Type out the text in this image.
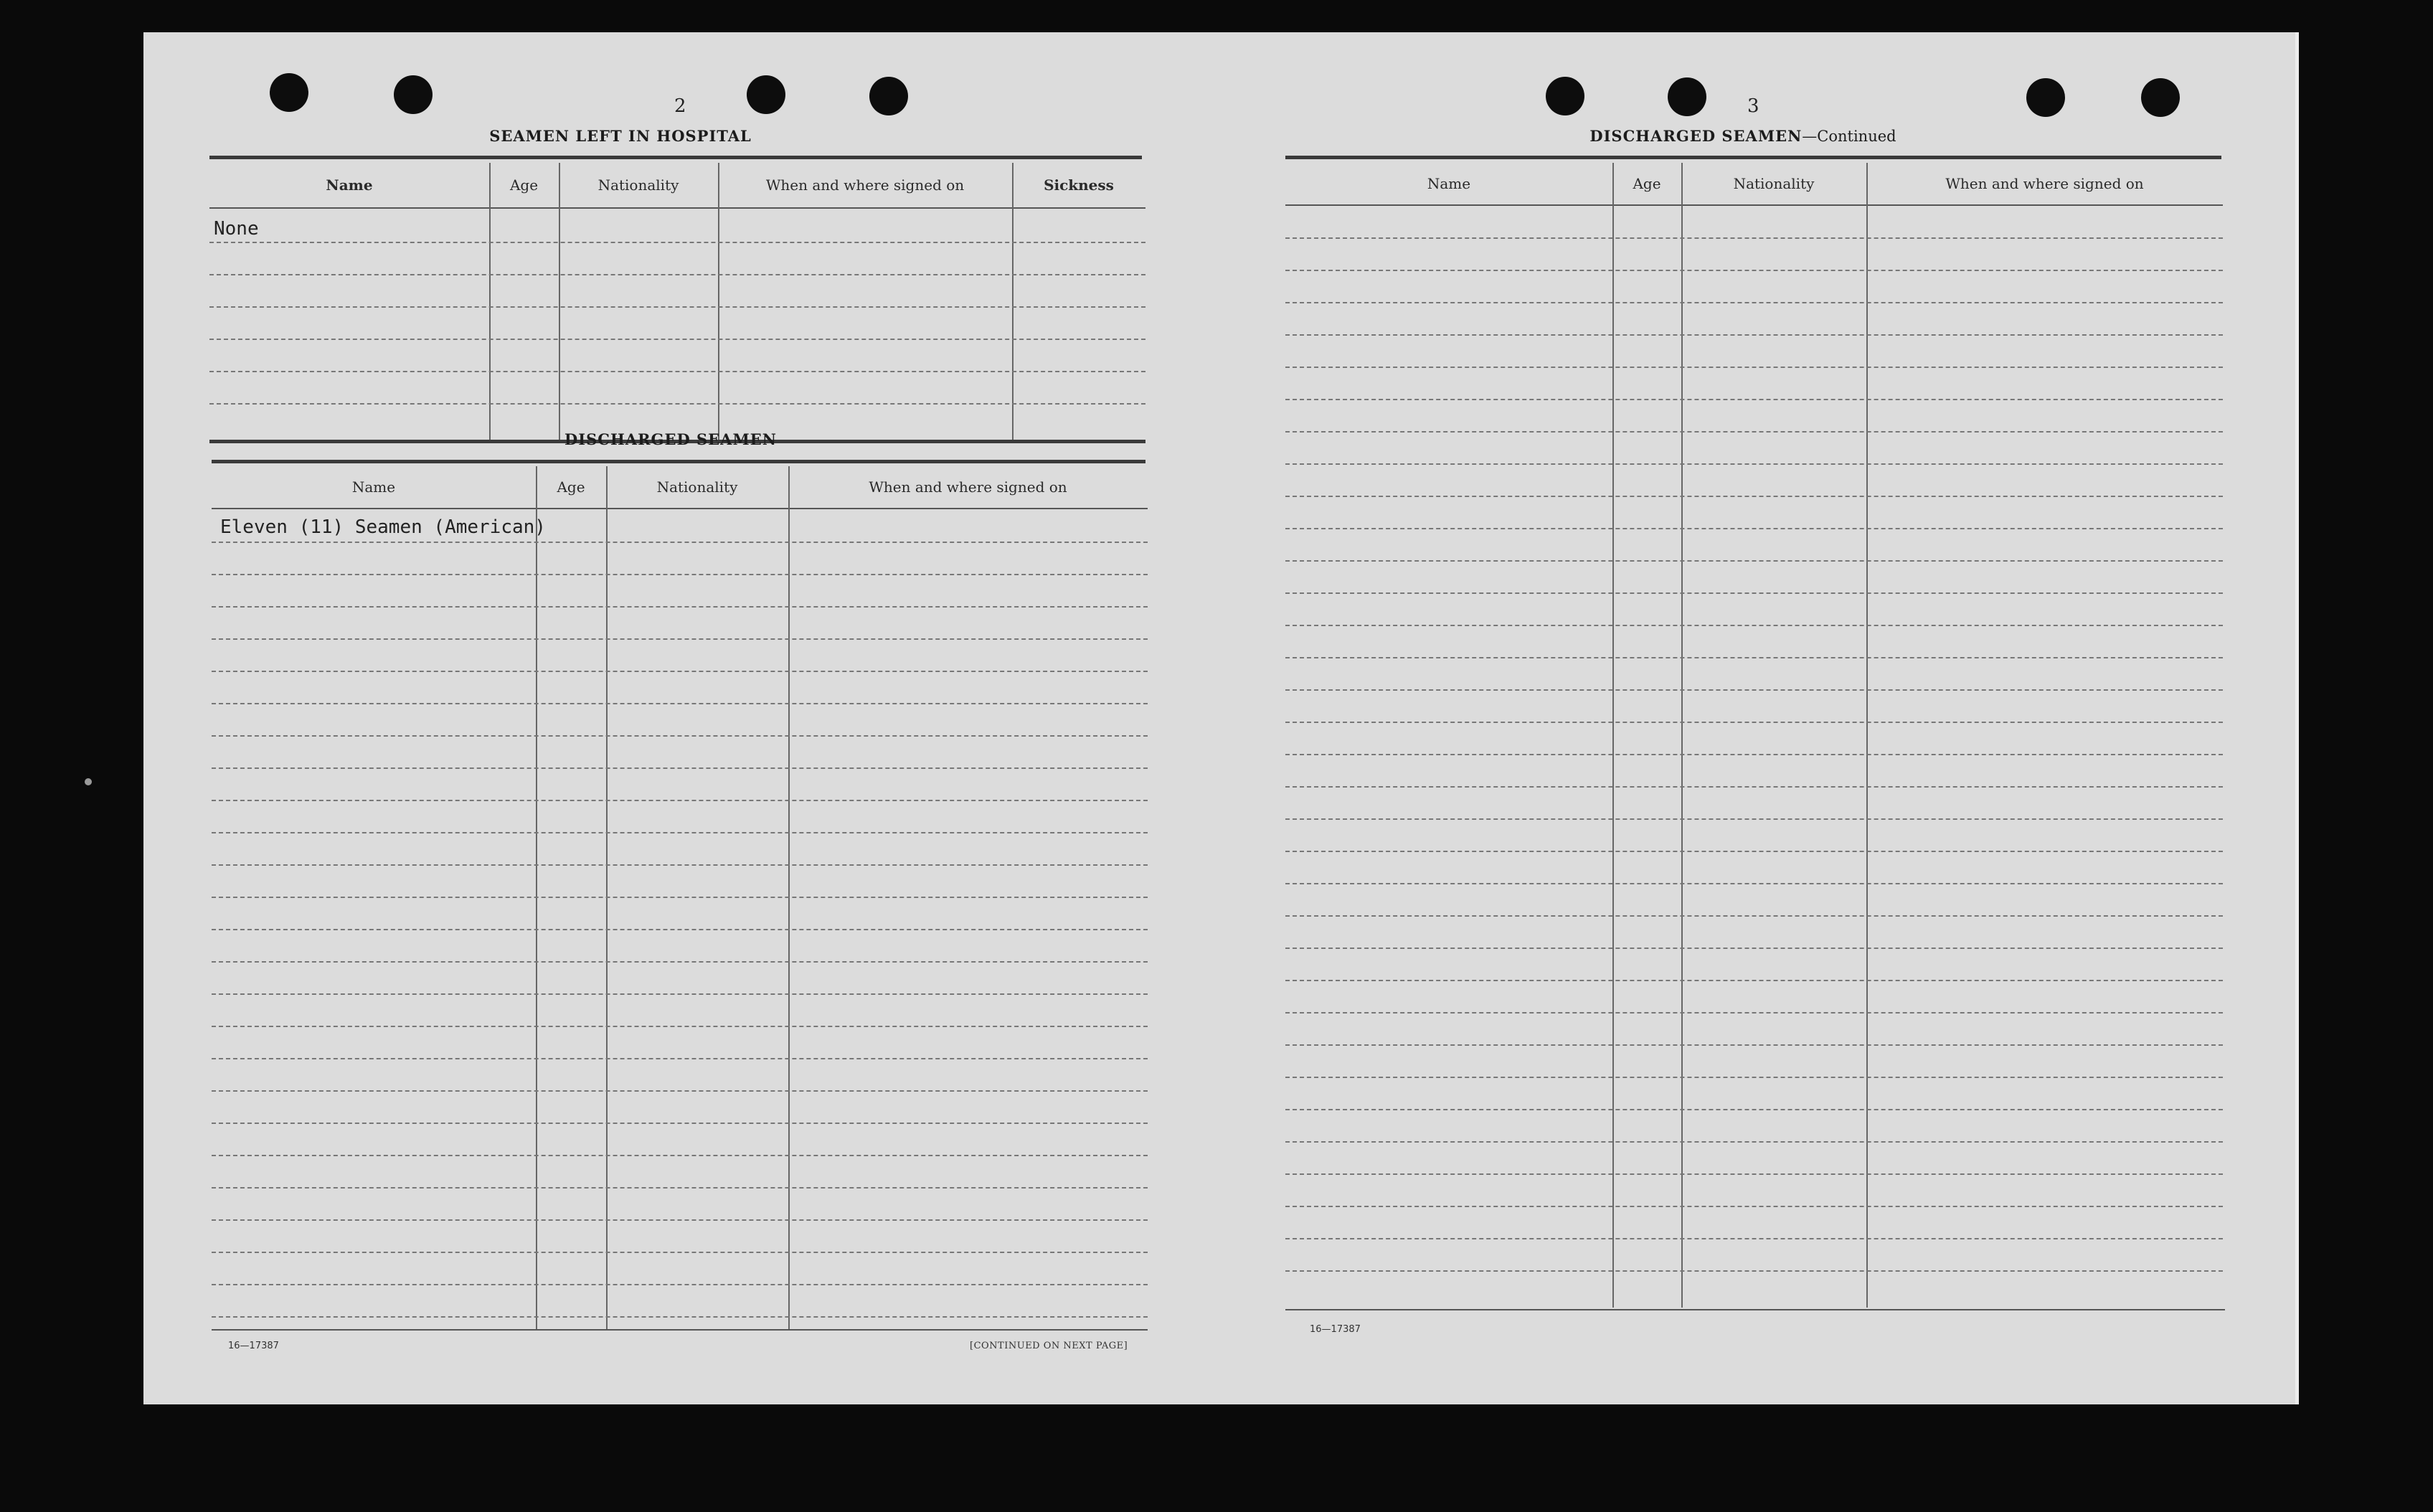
2
SEAMEN LEFT IN HOSPITAL
Name	Age	Nationality	When and where signed on	Sickness
None
DISCHARGED SEAMEN
Name	Age	Nationality	When and where signed on
Eleven (11) Seamen (American)
16—17387	[CONTINUED ON NEXT PAGE]
3
DISCHARGED SEAMEN—Continued
Name	Age	Nationality	When and where signed on
16—17387
